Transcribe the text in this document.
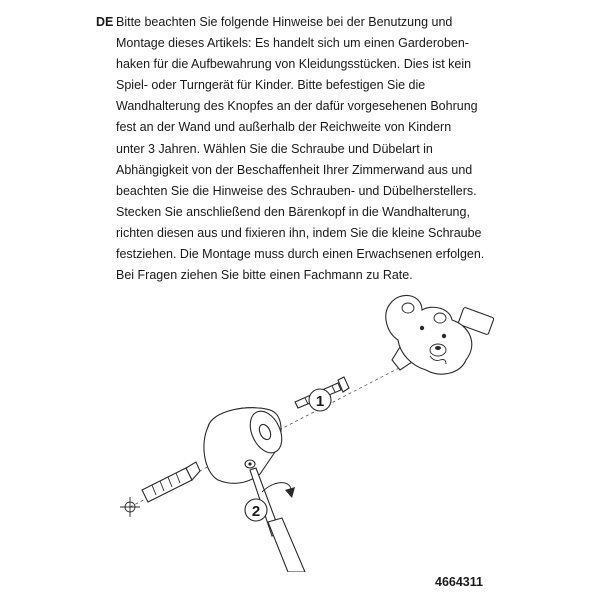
DE Bitte beachten Sie folgende Hinweise bei der Benutzung und
Montage dieses Artikels: Es handelt sich um einen Garderoben-
haken für die Aufbewahrung von Kleidungsstücken. Dies ist kein
Spiel- oder Turngerät für Kinder. Bitte befestigen Sie die
Wandhalterung des Knopfes an der dafür vorgesehenen Bohrung
fest an der Wand und außerhalb der Reichweite von Kindern
unter 3 Jahren. Wählen Sie die Schraube und Dübelart in
Abhängigkeit von der Beschaffenheit Ihrer Zimmerwand aus und
beachten Sie die Hinweise des Schrauben- und Dübelherstellers.
Stecken Sie anschließend den Bärenkopf in die Wandhalterung,
richten diesen aus und fixieren ihn, indem Sie die kleine Schraube
festziehen. Die Montage muss durch einen Erwachsenen erfolgen.
Bei Fragen ziehen Sie bitte einen Fachmann zu Rate.
1
2
4664311
